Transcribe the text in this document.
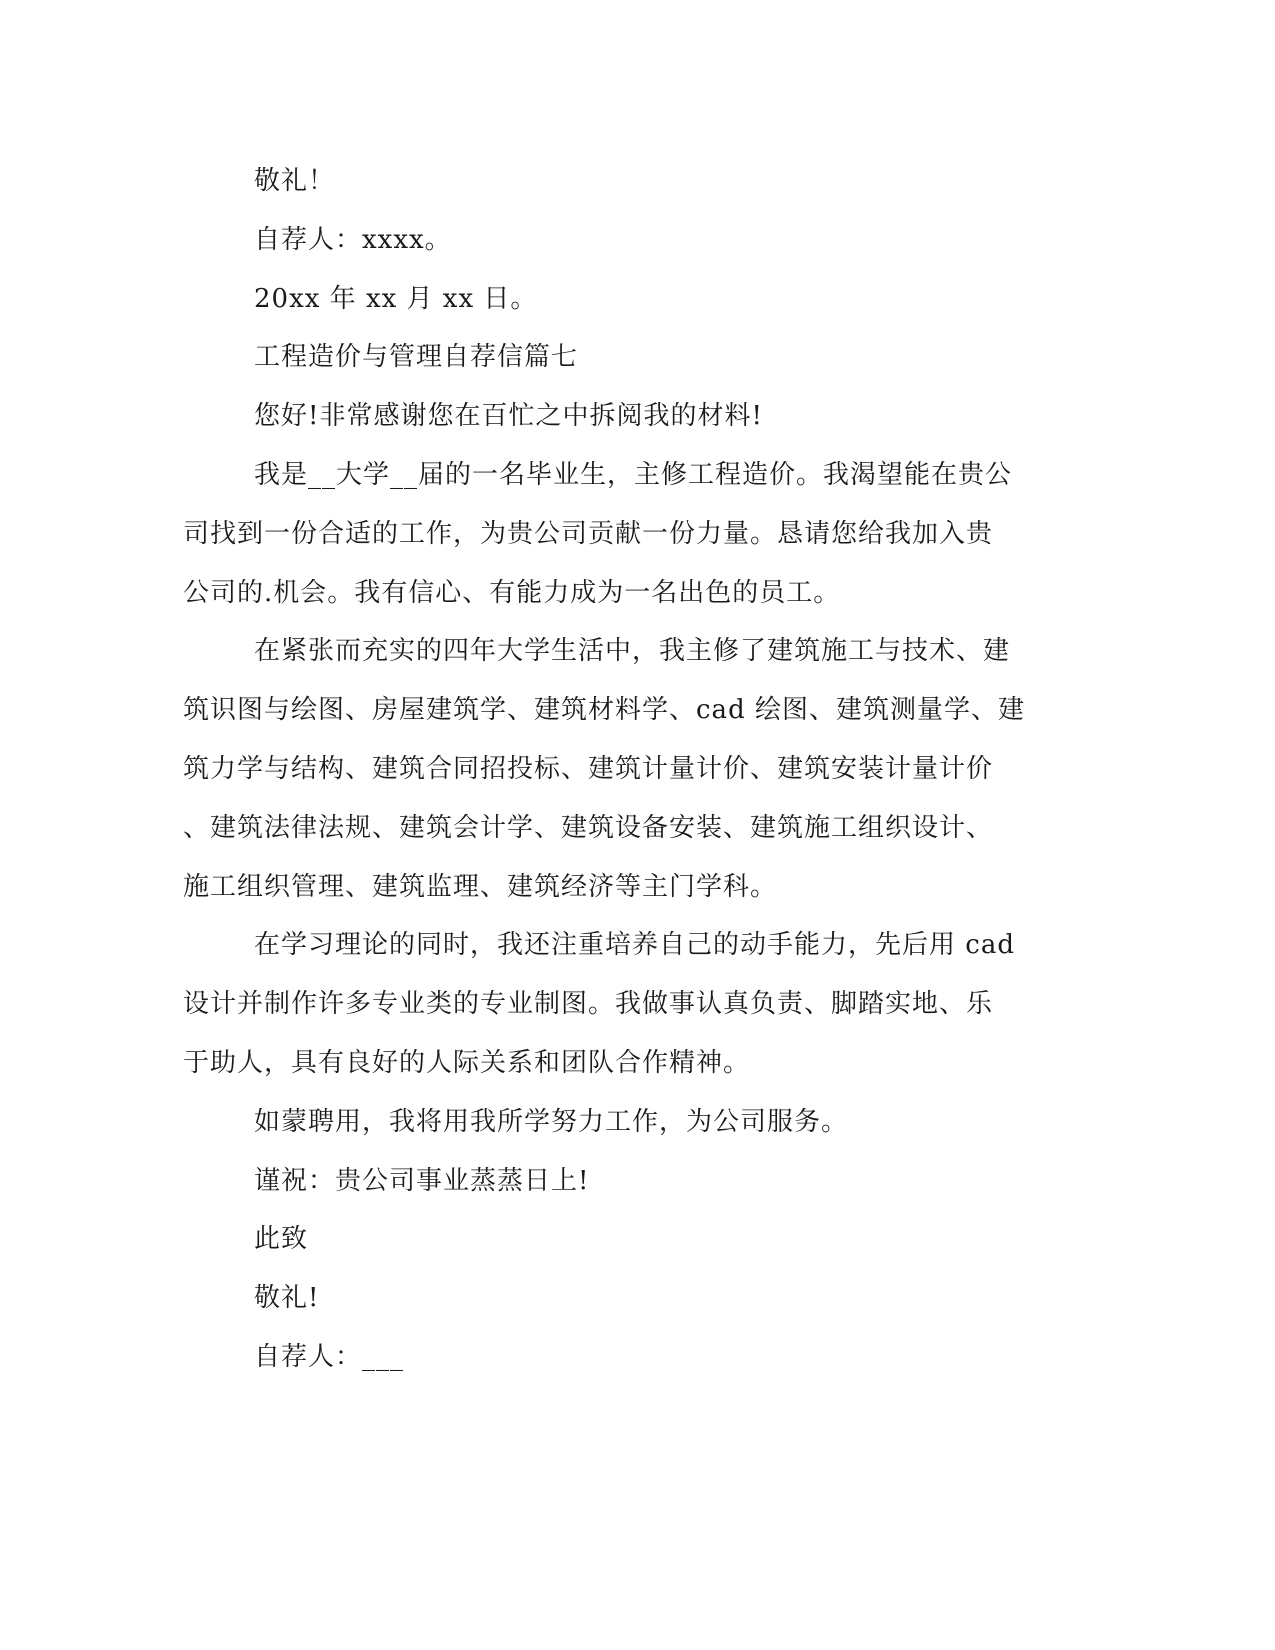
敬礼！
自荐人：xxxx。
20xx 年 xx 月 xx 日。
工程造价与管理自荐信篇七
您好!非常感谢您在百忙之中拆阅我的材料!
我是__大学__届的一名毕业生，主修工程造价。我渴望能在贵公
司找到一份合适的工作，为贵公司贡献一份力量。恳请您给我加入贵
公司的.机会。我有信心、有能力成为一名出色的员工。
在紧张而充实的四年大学生活中，我主修了建筑施工与技术、建
筑识图与绘图、房屋建筑学、建筑材料学、cad 绘图、建筑测量学、建
筑力学与结构、建筑合同招投标、建筑计量计价、建筑安装计量计价
、建筑法律法规、建筑会计学、建筑设备安装、建筑施工组织设计、
施工组织管理、建筑监理、建筑经济等主门学科。
在学习理论的同时，我还注重培养自己的动手能力，先后用 cad
设计并制作许多专业类的专业制图。我做事认真负责、脚踏实地、乐
于助人，具有良好的人际关系和团队合作精神。
如蒙聘用，我将用我所学努力工作，为公司服务。
谨祝：贵公司事业蒸蒸日上!
此致
敬礼!
自荐人：___
